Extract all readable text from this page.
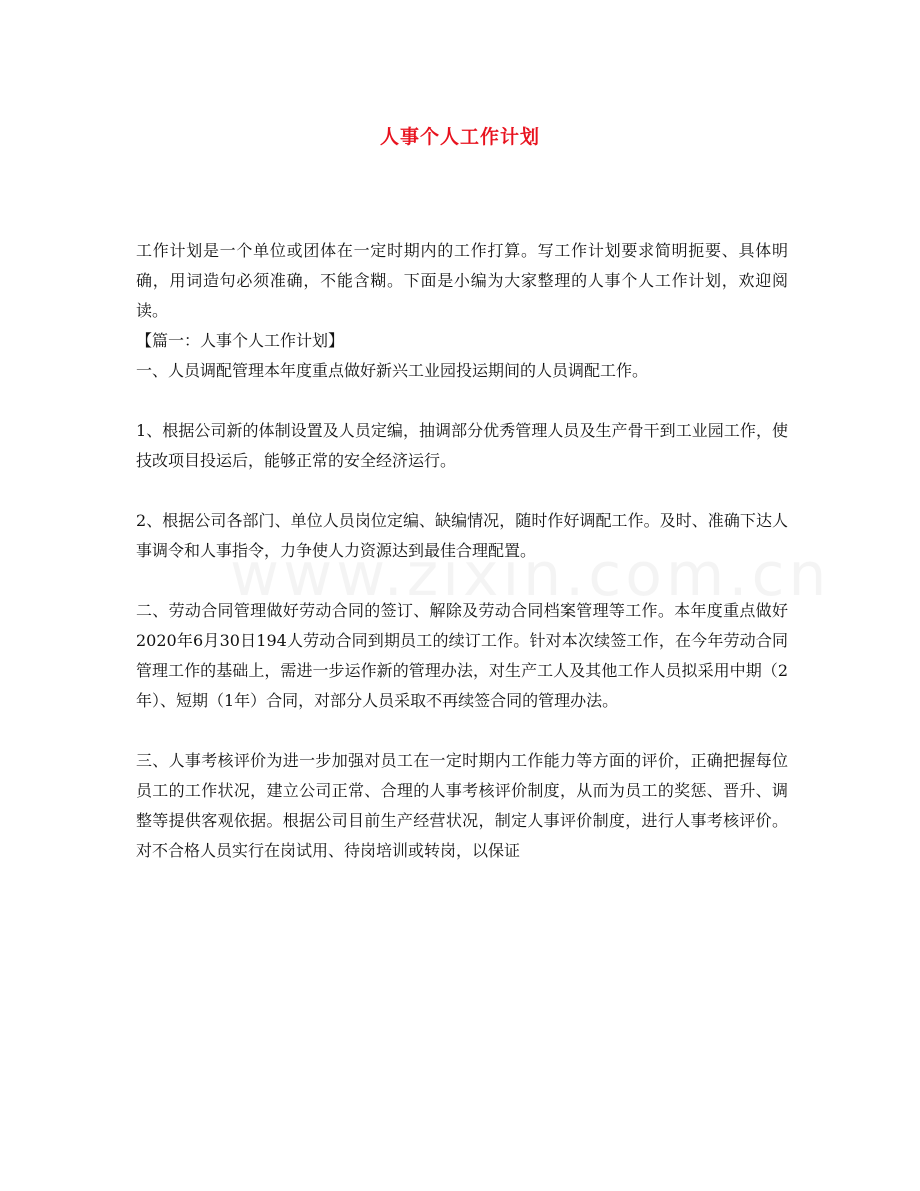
人事个人工作计划

工作计划是一个单位或团体在一定时期内的工作打算。写工作计划要求简明扼要、具体明确，用词造句必须准确，不能含糊。下面是小编为大家整理的人事个人工作计划，欢迎阅读。

【篇一：人事个人工作计划】

一、人员调配管理本年度重点做好新兴工业园投运期间的人员调配工作。

1、根据公司新的体制设置及人员定编，抽调部分优秀管理人员及生产骨干到工业园工作，使技改项目投运后，能够正常的安全经济运行。

2、根据公司各部门、单位人员岗位定编、缺编情况，随时作好调配工作。及时、准确下达人事调令和人事指令，力争使人力资源达到最佳合理配置。

二、劳动合同管理做好劳动合同的签订、解除及劳动合同档案管理等工作。本年度重点做好2020年6月30日194人劳动合同到期员工的续订工作。针对本次续签工作，在今年劳动合同管理工作的基础上，需进一步运作新的管理办法，对生产工人及其他工作人员拟采用中期（2年）、短期（1年）合同，对部分人员采取不再续签合同的管理办法。

三、人事考核评价为进一步加强对员工在一定时期内工作能力等方面的评价，正确把握每位员工的工作状况，建立公司正常、合理的人事考核评价制度，从而为员工的奖惩、晋升、调整等提供客观依据。根据公司目前生产经营状况，制定人事评价制度，进行人事考核评价。对不合格人员实行在岗试用、待岗培训或转岗，以保证
